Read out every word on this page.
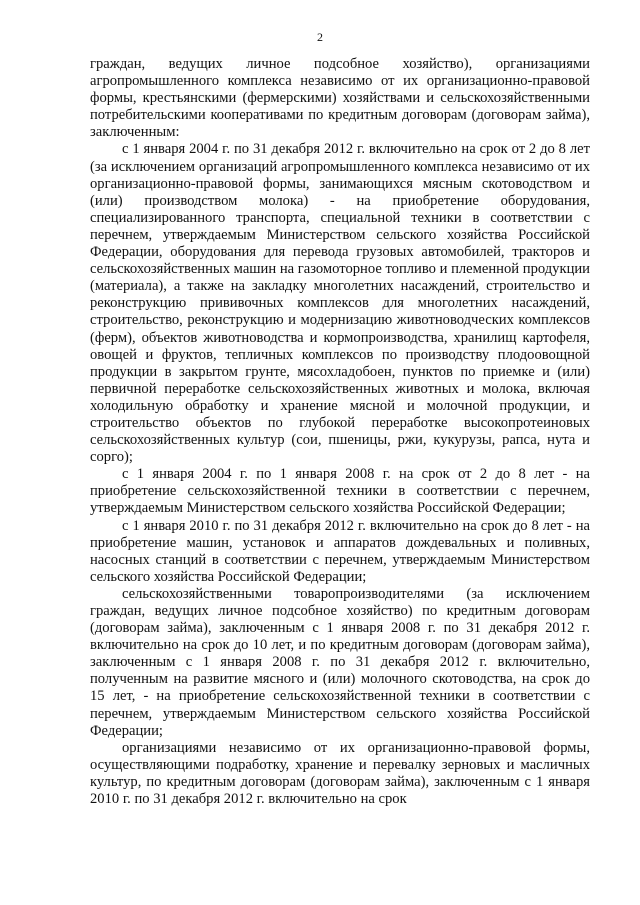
2

граждан, ведущих личное подсобное хозяйство), организациями агропромышленного комплекса независимо от их организационно-правовой формы, крестьянскими (фермерскими) хозяйствами и сельскохозяйственными потребительскими кооперативами по кредитным договорам (договорам займа), заключенным:

с 1 января 2004 г. по 31 декабря 2012 г. включительно на срок от 2 до 8 лет (за исключением организаций агропромышленного комплекса независимо от их организационно-правовой формы, занимающихся мясным скотоводством и (или) производством молока) - на приобретение оборудования, специализированного транспорта, специальной техники в соответствии с перечнем, утверждаемым Министерством сельского хозяйства Российской Федерации, оборудования для перевода грузовых автомобилей, тракторов и сельскохозяйственных машин на газомоторное топливо и племенной продукции (материала), а также на закладку многолетних насаждений, строительство и реконструкцию прививочных комплексов для многолетних насаждений, строительство, реконструкцию и модернизацию животноводческих комплексов (ферм), объектов животноводства и кормопроизводства, хранилищ картофеля, овощей и фруктов, тепличных комплексов по производству плодоовощной продукции в закрытом грунте, мясохладобоен, пунктов по приемке и (или) первичной переработке сельскохозяйственных животных и молока, включая холодильную обработку и хранение мясной и молочной продукции, и строительство объектов по глубокой переработке высокопротеиновых сельскохозяйственных культур (сои, пшеницы, ржи, кукурузы, рапса, нута и сорго);

с 1 января 2004 г. по 1 января 2008 г. на срок от 2 до 8 лет - на приобретение сельскохозяйственной техники в соответствии с перечнем, утверждаемым Министерством сельского хозяйства Российской Федерации;

с 1 января 2010 г. по 31 декабря 2012 г. включительно на срок до 8 лет - на приобретение машин, установок и аппаратов дождевальных и поливных, насосных станций в соответствии с перечнем, утверждаемым Министерством сельского хозяйства Российской Федерации;

сельскохозяйственными товаропроизводителями (за исключением граждан, ведущих личное подсобное хозяйство) по кредитным договорам (договорам займа), заключенным с 1 января 2008 г. по 31 декабря 2012 г. включительно на срок до 10 лет, и по кредитным договорам (договорам займа), заключенным с 1 января 2008 г. по 31 декабря 2012 г. включительно, полученным на развитие мясного и (или) молочного скотоводства, на срок до 15 лет, - на приобретение сельскохозяйственной техники в соответствии с перечнем, утверждаемым Министерством сельского хозяйства Российской Федерации;

организациями независимо от их организационно-правовой формы, осуществляющими подработку, хранение и перевалку зерновых и масличных культур, по кредитным договорам (договорам займа), заключенным с 1 января 2010 г. по 31 декабря 2012 г. включительно на срок
